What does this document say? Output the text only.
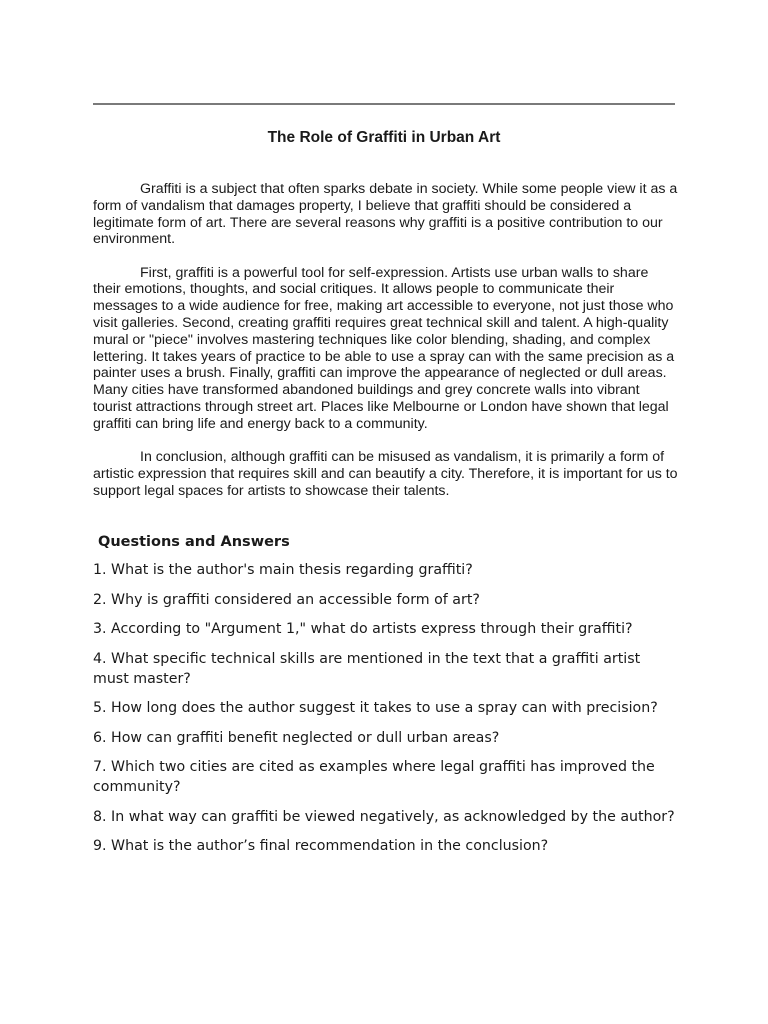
The Role of Graffiti in Urban Art

Graffiti is a subject that often sparks debate in society. While some people view it as a form of vandalism that damages property, I believe that graffiti should be considered a legitimate form of art. There are several reasons why graffiti is a positive contribution to our environment.

First, graffiti is a powerful tool for self-expression. Artists use urban walls to share their emotions, thoughts, and social critiques. It allows people to communicate their messages to a wide audience for free, making art accessible to everyone, not just those who visit galleries. Second, creating graffiti requires great technical skill and talent. A high-quality mural or "piece" involves mastering techniques like color blending, shading, and complex lettering. It takes years of practice to be able to use a spray can with the same precision as a painter uses a brush. Finally, graffiti can improve the appearance of neglected or dull areas. Many cities have transformed abandoned buildings and grey concrete walls into vibrant tourist attractions through street art. Places like Melbourne or London have shown that legal graffiti can bring life and energy back to a community.

In conclusion, although graffiti can be misused as vandalism, it is primarily a form of artistic expression that requires skill and can beautify a city. Therefore, it is important for us to support legal spaces for artists to showcase their talents.

Questions and Answers
1. What is the author's main thesis regarding graffiti?
2. Why is graffiti considered an accessible form of art?
3. According to "Argument 1," what do artists express through their graffiti?
4. What specific technical skills are mentioned in the text that a graffiti artist must master?
5. How long does the author suggest it takes to use a spray can with precision?
6. How can graffiti benefit neglected or dull urban areas?
7. Which two cities are cited as examples where legal graffiti has improved the community?
8. In what way can graffiti be viewed negatively, as acknowledged by the author?
9. What is the author’s final recommendation in the conclusion?
